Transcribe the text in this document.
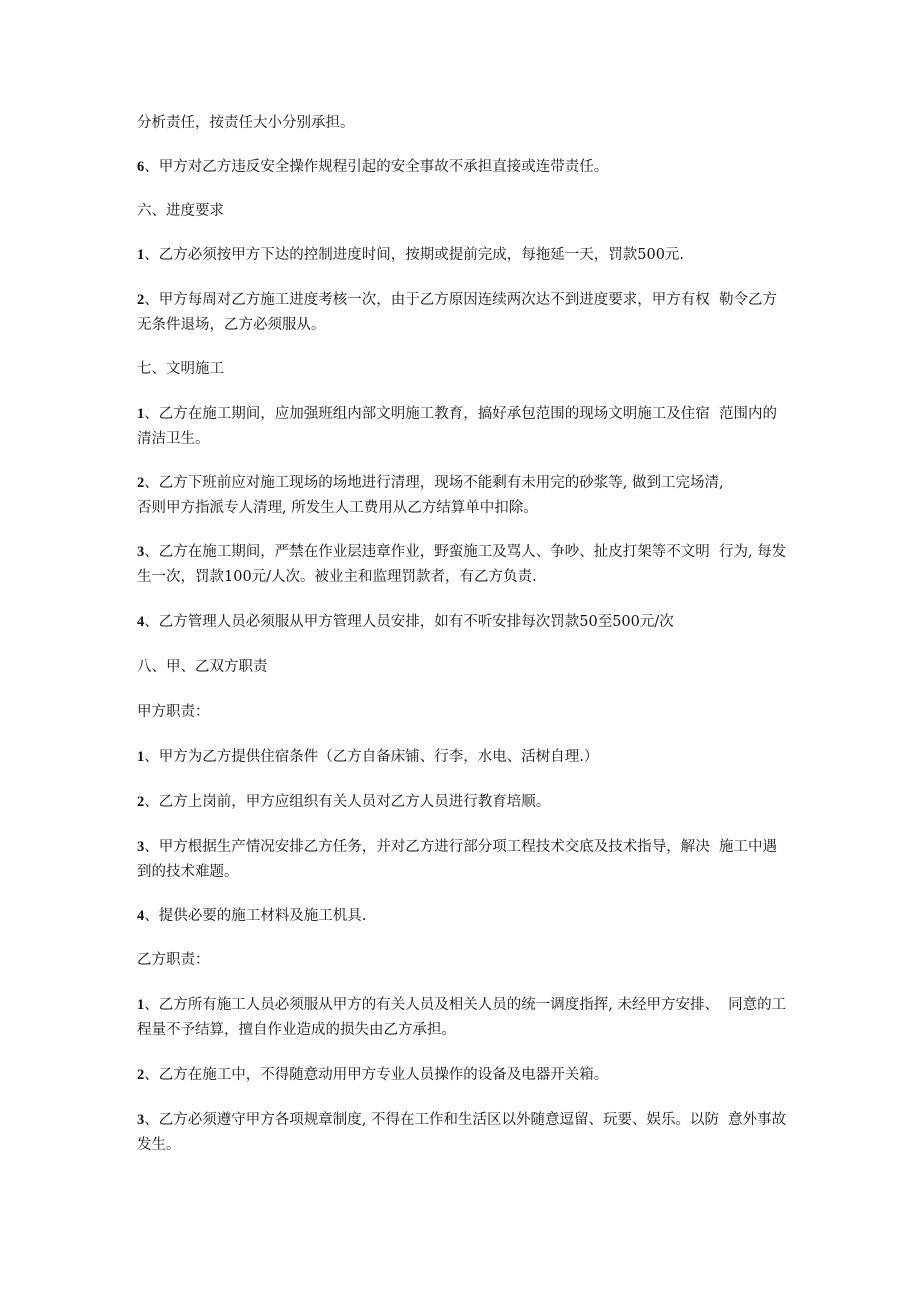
分析责任，按责任大小分别承担。

6、甲方对乙方违反安全操作规程引起的安全事故不承担直接或连带责任。

六、进度要求

1、乙方必须按甲方下达的控制进度时间，按期或提前完成，每拖延一天，罚款500元.

2、甲方每周对乙方施工进度考核一次，由于乙方原因连续两次达不到进度要求，甲方有权  勒令乙方无条件退场，乙方必须服从。

七、文明施工

1、乙方在施工期间，应加强班组内部文明施工教育，搞好承包范围的现场文明施工及住宿  范围内的清洁卫生。

2、乙方下班前应对施工现场的场地进行清理，现场不能剩有未用完的砂浆等, 做到工完场清,
否则甲方指派专人清理, 所发生人工费用从乙方结算单中扣除。

3、乙方在施工期间，严禁在作业层违章作业，野蛮施工及骂人、争吵、扯皮打架等不文明  行为, 每发生一次，罚款100元/人次。被业主和监理罚款者，有乙方负责.

4、乙方管理人员必须服从甲方管理人员安排，如有不听安排每次罚款50至500元/次

八、甲、乙双方职责

甲方职责：

1、甲方为乙方提供住宿条件（乙方自备床铺、行李，水电、活树自理.）

2、乙方上岗前，甲方应组织有关人员对乙方人员进行教育培顺。

3、甲方根据生产情况安排乙方任务，并对乙方进行部分项工程技术交底及技术指导，解决  施工中遇到的技术难题。

4、提供必要的施工材料及施工机具.

乙方职责：

1、乙方所有施工人员必须服从甲方的有关人员及相关人员的统一调度指挥, 未经甲方安排、  同意的工程量不予结算，擅自作业造成的损失由乙方承担。

2、乙方在施工中，不得随意动用甲方专业人员操作的设备及电器开关箱。

3、乙方必须遵守甲方各项规章制度, 不得在工作和生活区以外随意逗留、玩要、娱乐。以防  意外事故发生。
